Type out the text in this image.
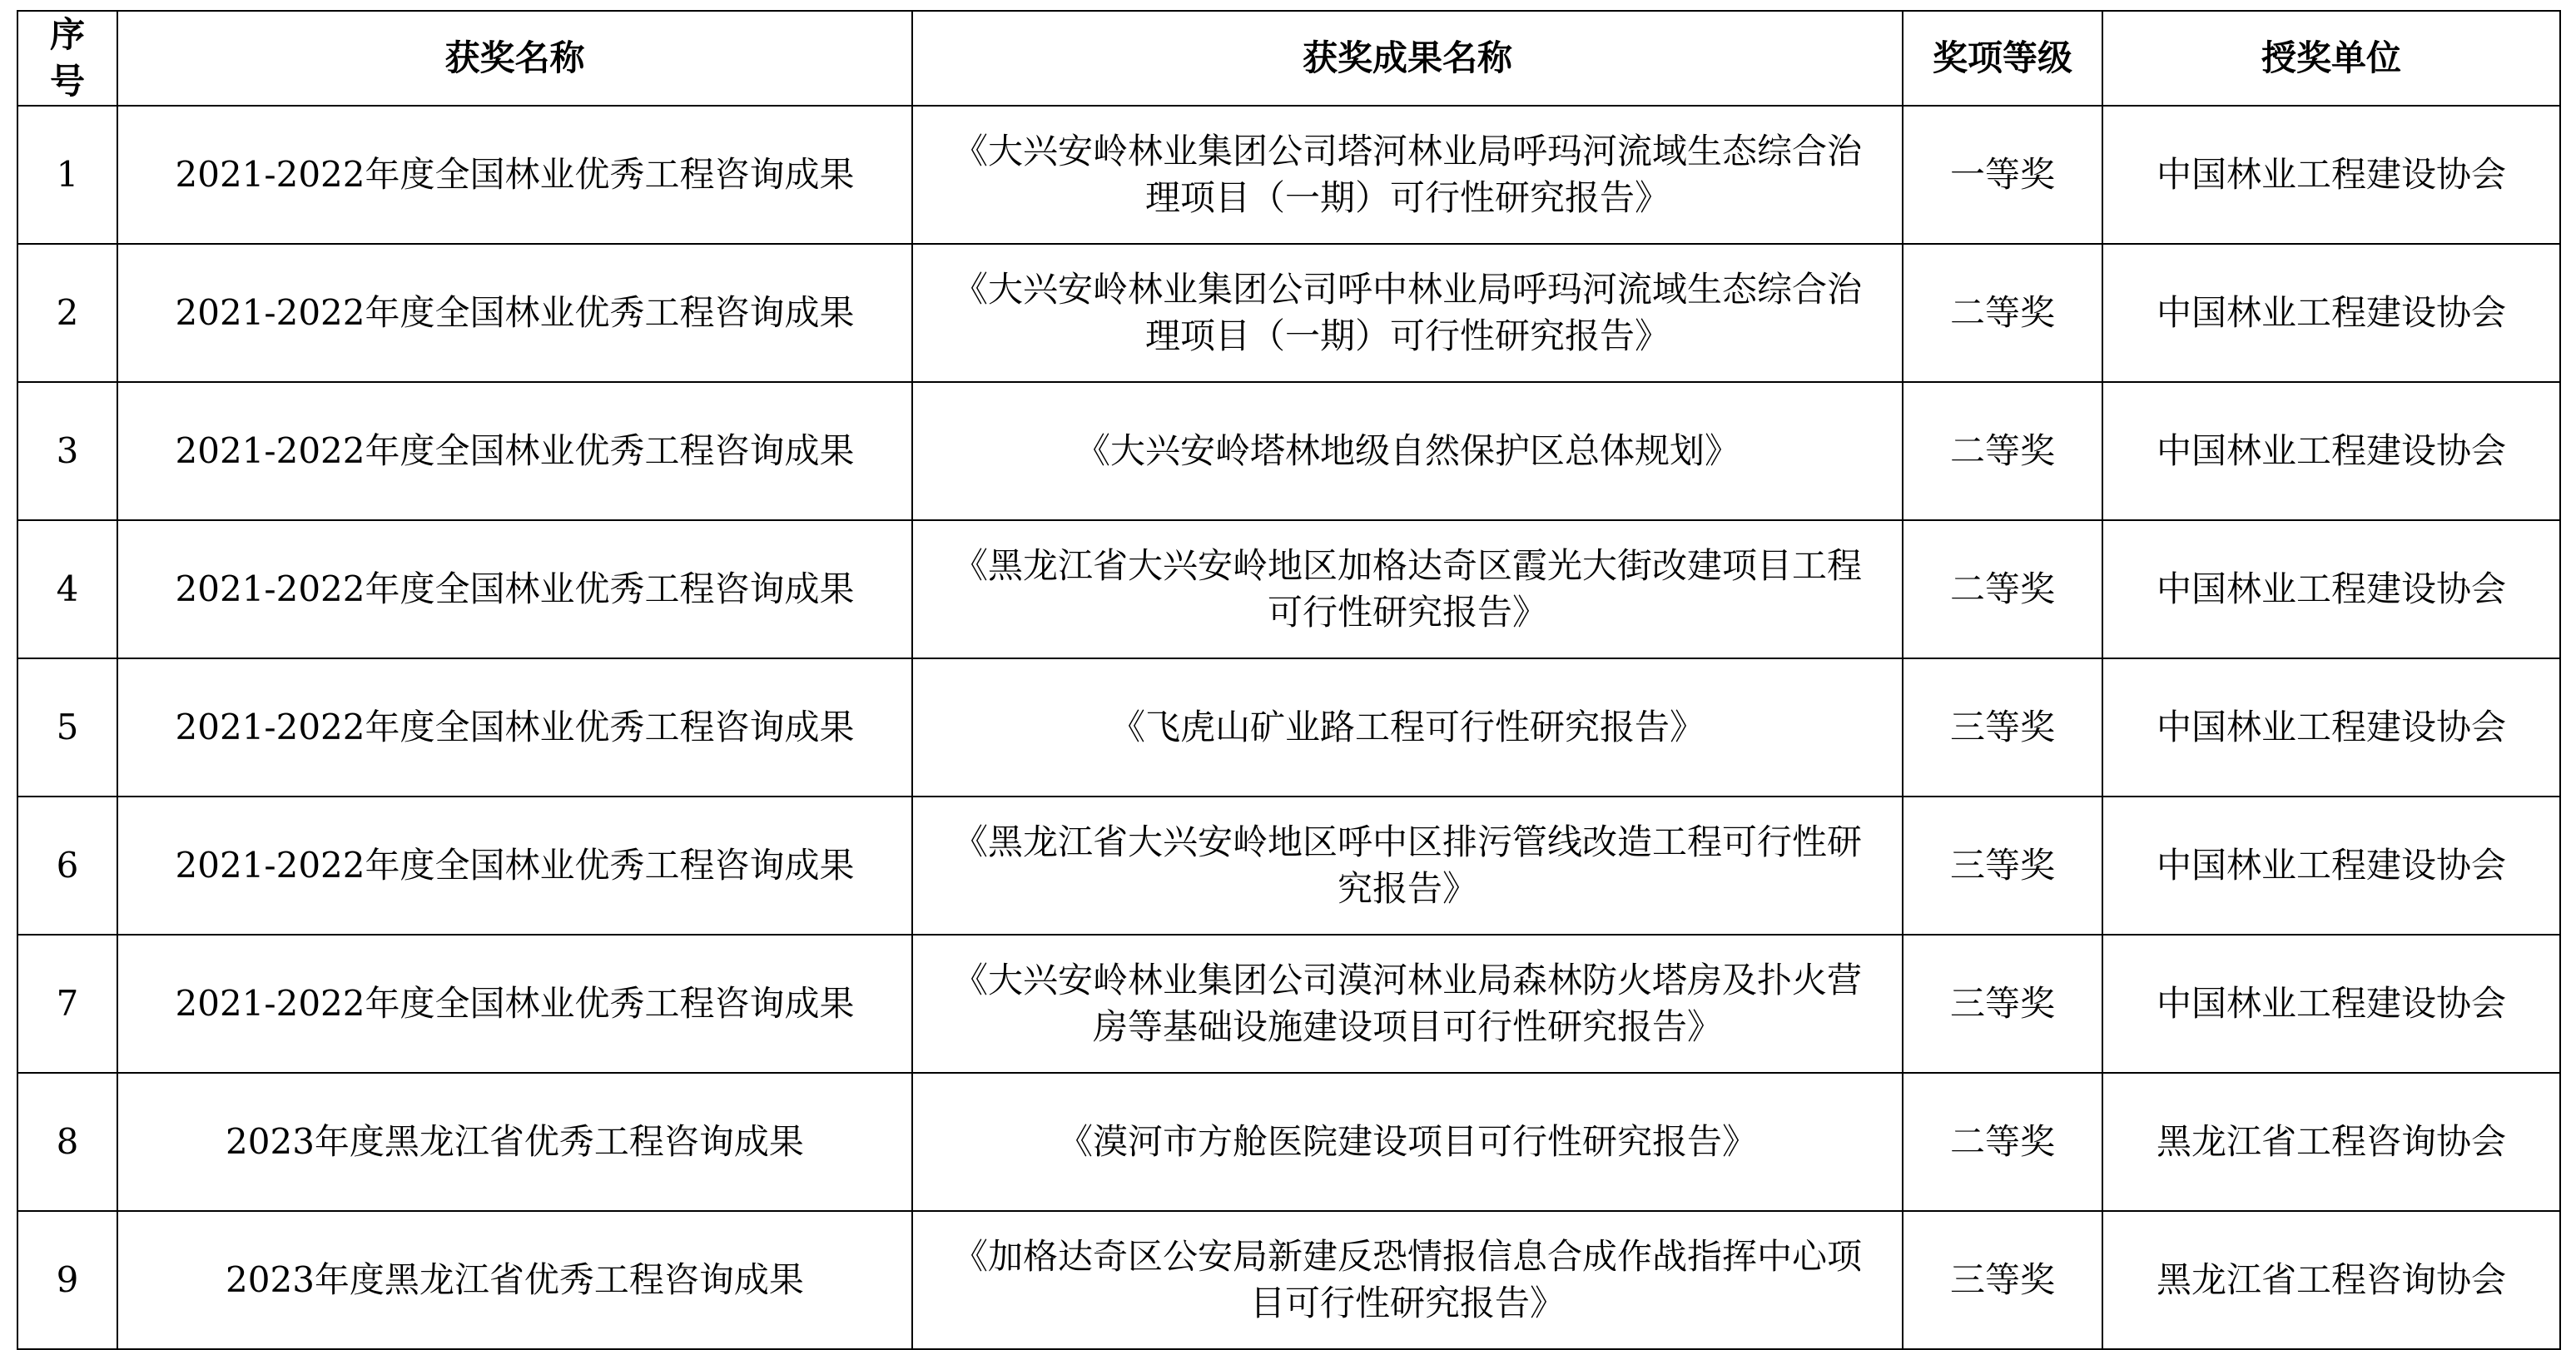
序号	获奖名称	获奖成果名称	奖项等级	授奖单位
1	2021-2022年度全国林业优秀工程咨询成果	《大兴安岭林业集团公司塔河林业局呼玛河流域生态综合治理项目（一期）可行性研究报告》	一等奖	中国林业工程建设协会
2	2021-2022年度全国林业优秀工程咨询成果	《大兴安岭林业集团公司呼中林业局呼玛河流域生态综合治理项目（一期）可行性研究报告》	二等奖	中国林业工程建设协会
3	2021-2022年度全国林业优秀工程咨询成果	《大兴安岭塔林地级自然保护区总体规划》	二等奖	中国林业工程建设协会
4	2021-2022年度全国林业优秀工程咨询成果	《黑龙江省大兴安岭地区加格达奇区霞光大街改建项目工程可行性研究报告》	二等奖	中国林业工程建设协会
5	2021-2022年度全国林业优秀工程咨询成果	《飞虎山矿业路工程可行性研究报告》	三等奖	中国林业工程建设协会
6	2021-2022年度全国林业优秀工程咨询成果	《黑龙江省大兴安岭地区呼中区排污管线改造工程可行性研究报告》	三等奖	中国林业工程建设协会
7	2021-2022年度全国林业优秀工程咨询成果	《大兴安岭林业集团公司漠河林业局森林防火塔房及扑火营房等基础设施建设项目可行性研究报告》	三等奖	中国林业工程建设协会
8	2023年度黑龙江省优秀工程咨询成果	《漠河市方舱医院建设项目可行性研究报告》	二等奖	黑龙江省工程咨询协会
9	2023年度黑龙江省优秀工程咨询成果	《加格达奇区公安局新建反恐情报信息合成作战指挥中心项目可行性研究报告》	三等奖	黑龙江省工程咨询协会
